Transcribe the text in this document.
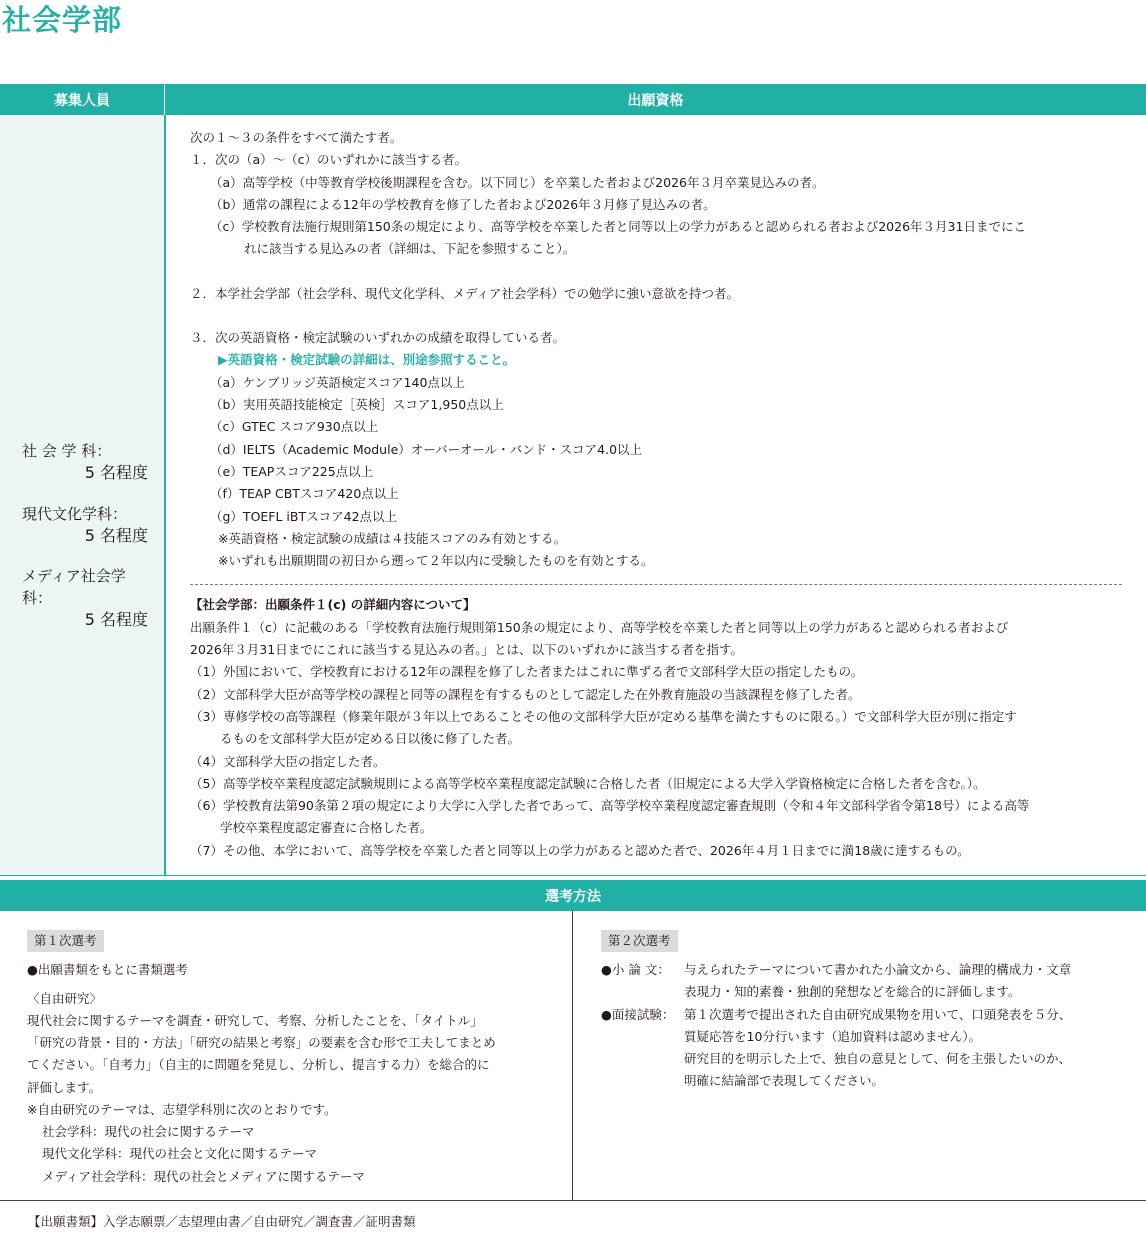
社会学部
募集人員	出願資格
社 会 学 科：
5 名程度
現代文化学科：
5 名程度
メディア社会学科：
5 名程度
次の１～３の条件をすべて満たす者。
１．次の（a）～（c）のいずれかに該当する者。
（a）高等学校（中等教育学校後期課程を含む。以下同じ）を卒業した者および2026年３月卒業見込みの者。
（b）通常の課程による12年の学校教育を修了した者および2026年３月修了見込みの者。
（c）学校教育法施行規則第150条の規定により、高等学校を卒業した者と同等以上の学力があると認められる者および2026年３月31日までにこ
れに該当する見込みの者（詳細は、下記を参照すること）。
２．本学社会学部（社会学科、現代文化学科、メディア社会学科）での勉学に強い意欲を持つ者。
３．次の英語資格・検定試験のいずれかの成績を取得している者。
▶英語資格・検定試験の詳細は、別途参照すること。
（a）ケンブリッジ英語検定スコア140点以上
（b）実用英語技能検定［英検］スコア1,950点以上
（c）GTEC スコア930点以上
（d）IELTS（Academic Module）オーバーオール・バンド・スコア4.0以上
（e）TEAPスコア225点以上
（f）TEAP CBTスコア420点以上
（g）TOEFL iBTスコア42点以上
※英語資格・検定試験の成績は４技能スコアのみ有効とする。
※いずれも出願期間の初日から遡って２年以内に受験したものを有効とする。
【社会学部：出願条件１(c) の詳細内容について】
出願条件１（c）に記載のある「学校教育法施行規則第150条の規定により、高等学校を卒業した者と同等以上の学力があると認められる者および
2026年３月31日までにこれに該当する見込みの者。」とは、以下のいずれかに該当する者を指す。
（1）外国において、学校教育における12年の課程を修了した者またはこれに準ずる者で文部科学大臣の指定したもの。
（2）文部科学大臣が高等学校の課程と同等の課程を有するものとして認定した在外教育施設の当該課程を修了した者。
（3）専修学校の高等課程（修業年限が３年以上であることその他の文部科学大臣が定める基準を満たすものに限る。）で文部科学大臣が別に指定す
るものを文部科学大臣が定める日以後に修了した者。
（4）文部科学大臣の指定した者。
（5）高等学校卒業程度認定試験規則による高等学校卒業程度認定試験に合格した者（旧規定による大学入学資格検定に合格した者を含む。）。
（6）学校教育法第90条第２項の規定により大学に入学した者であって、高等学校卒業程度認定審査規則（令和４年文部科学省令第18号）による高等
学校卒業程度認定審査に合格した者。
（7）その他、本学において、高等学校を卒業した者と同等以上の学力があると認めた者で、2026年４月１日までに満18歳に達するもの。
選考方法
第１次選考
●出願書類をもとに書類選考
〈自由研究〉
現代社会に関するテーマを調査・研究して、考察、分析したことを、「タイトル」
「研究の背景・目的・方法」「研究の結果と考察」の要素を含む形で工夫してまとめ
てください。「自考力」（自主的に問題を発見し、分析し、提言する力）を総合的に
評価します。
※自由研究のテーマは、志望学科別に次のとおりです。
社会学科：現代の社会に関するテーマ
現代文化学科：現代の社会と文化に関するテーマ
メディア社会学科：現代の社会とメディアに関するテーマ
第２次選考
●小 論 文： 与えられたテーマについて書かれた小論文から、論理的構成力・文章
表現力・知的素養・独創的発想などを総合的に評価します。
●面接試験： 第１次選考で提出された自由研究成果物を用いて、口頭発表を５分、
質疑応答を10分行います（追加資料は認めません）。
研究目的を明示した上で、独自の意見として、何を主張したいのか、
明確に結論部で表現してください。
【出願書類】入学志願票／志望理由書／自由研究／調査書／証明書類
